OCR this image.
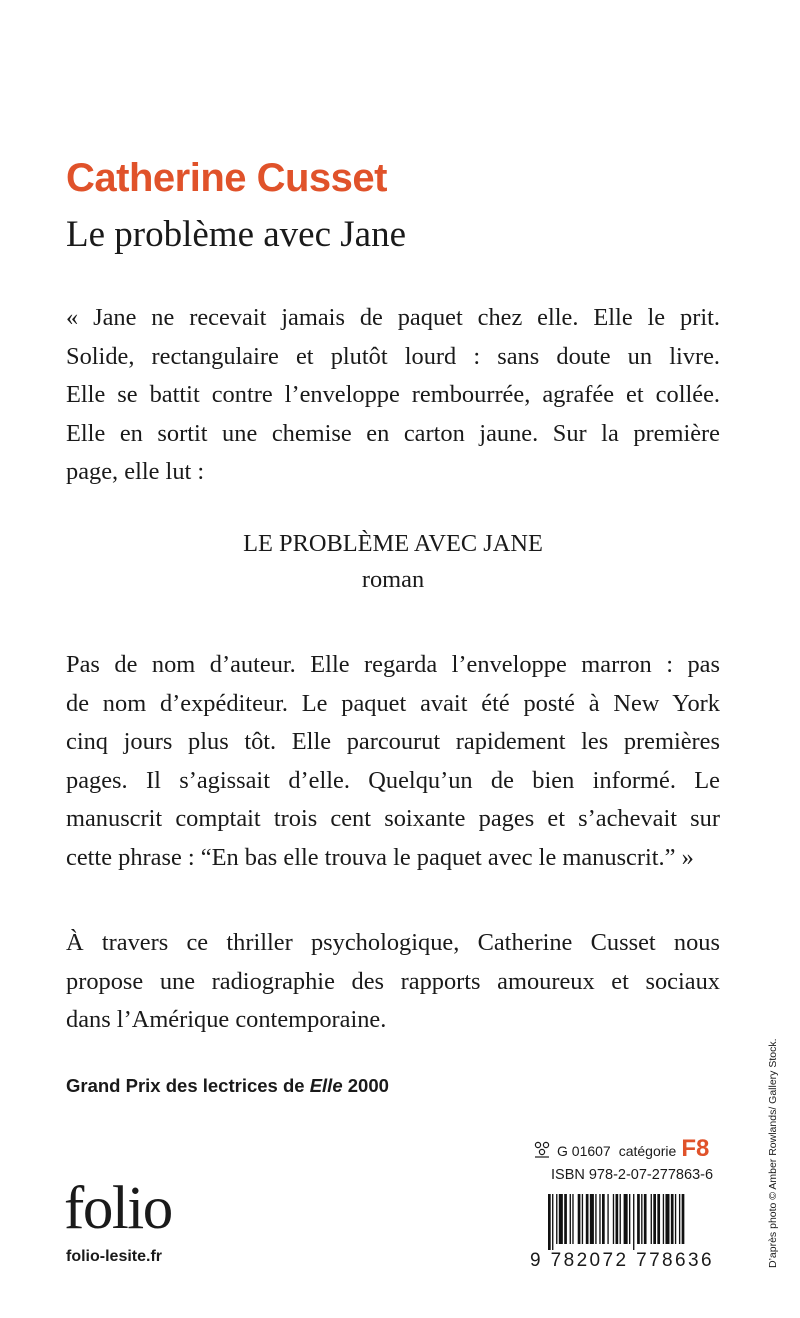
Catherine Cusset
Le problème avec Jane
« Jane ne recevait jamais de paquet chez elle. Elle le prit.
Solide, rectangulaire et plutôt lourd : sans doute un livre.
Elle se battit contre l’enveloppe rembourrée, agrafée et collée.
Elle en sortit une chemise en carton jaune. Sur la première
page, elle lut :
LE PROBLÈME AVEC JANE
roman
Pas de nom d’auteur. Elle regarda l’enveloppe marron : pas
de nom d’expéditeur. Le paquet avait été posté à New York
cinq jours plus tôt. Elle parcourut rapidement les premières
pages. Il s’agissait d’elle. Quelqu’un de bien informé. Le
manuscrit comptait trois cent soixante pages et s’achevait sur
cette phrase : “En bas elle trouva le paquet avec le manuscrit.” »
À travers ce thriller psychologique, Catherine Cusset nous
propose une radiographie des rapports amoureux et sociaux
dans l’Amérique contemporaine.
Grand Prix des lectrices de Elle 2000
G 01607 catégorie F8
ISBN 978-2-07-277863-6
folio
folio-lesite.fr	9 782072 778636	D’après photo © Amber Rowlands/ Gallery Stock.
